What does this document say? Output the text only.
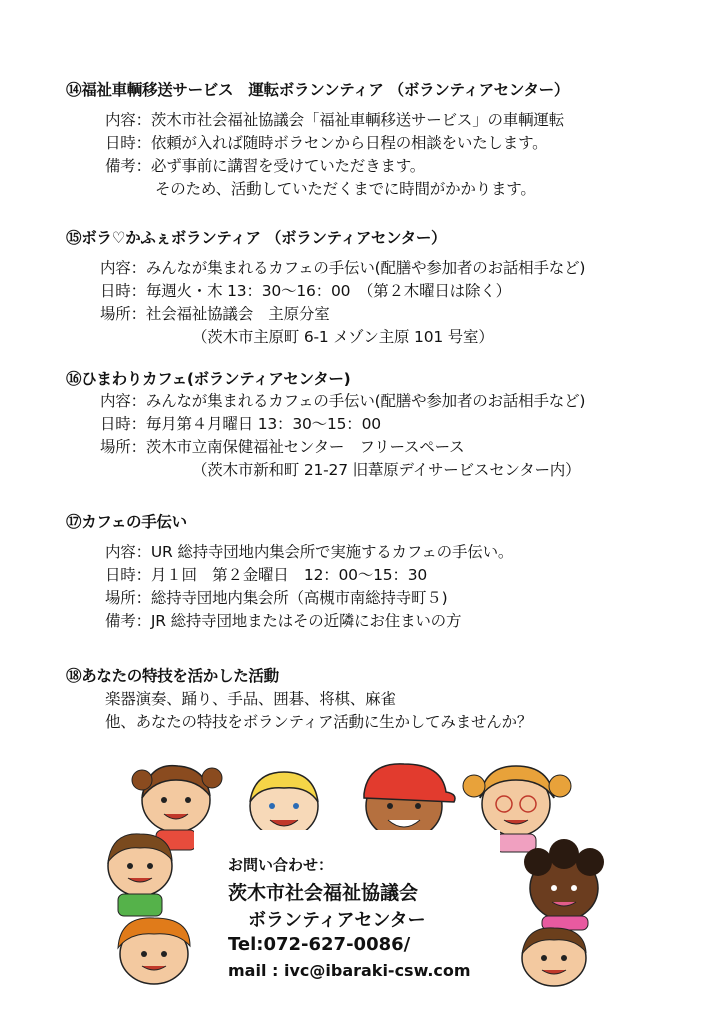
⑭福祉車輌移送サービス　運転ボランンティア （ボランティアセンター）
内容：茨木市社会福祉協議会「福祉車輌移送サービス」の車輌運転
日時：依頼が入れば随時ボラセンから日程の相談をいたします。
備考：必ず事前に講習を受けていただきます。
そのため、活動していただくまでに時間がかかります。
⑮ボラ♡かふぇボランティア （ボランティアセンター）
内容：みんなが集まれるカフェの手伝い(配膳や参加者のお話相手など)
日時：毎週火・木 13：30～16：00　（第２木曜日は除く）
場所：社会福祉協議会　主原分室
（茨木市主原町 6-1 メゾン主原 101 号室）
⑯ひまわりカフェ(ボランティアセンター)
内容：みんなが集まれるカフェの手伝い(配膳や参加者のお話相手など)
日時：毎月第４月曜日 13：30～15：00
場所：茨木市立南保健福祉センター　フリースペース
（茨木市新和町 21-27 旧葦原デイサービスセンター内）
⑰カフェの手伝い
内容：UR 総持寺団地内集会所で実施するカフェの手伝い。
日時：月１回　第２金曜日　12：00～15：30
場所：総持寺団地内集会所（高槻市南総持寺町５)
備考：JR 総持寺団地またはその近隣にお住まいの方
⑱あなたの特技を活かした活動
楽器演奏、踊り、手品、囲碁、将棋、麻雀
他、あなたの特技をボランティア活動に生かしてみませんか？
お問い合わせ：
茨木市社会福祉協議会
ボランティアセンター
Tel:072-627-0086/
mail : ivc@ibaraki-csw.com
